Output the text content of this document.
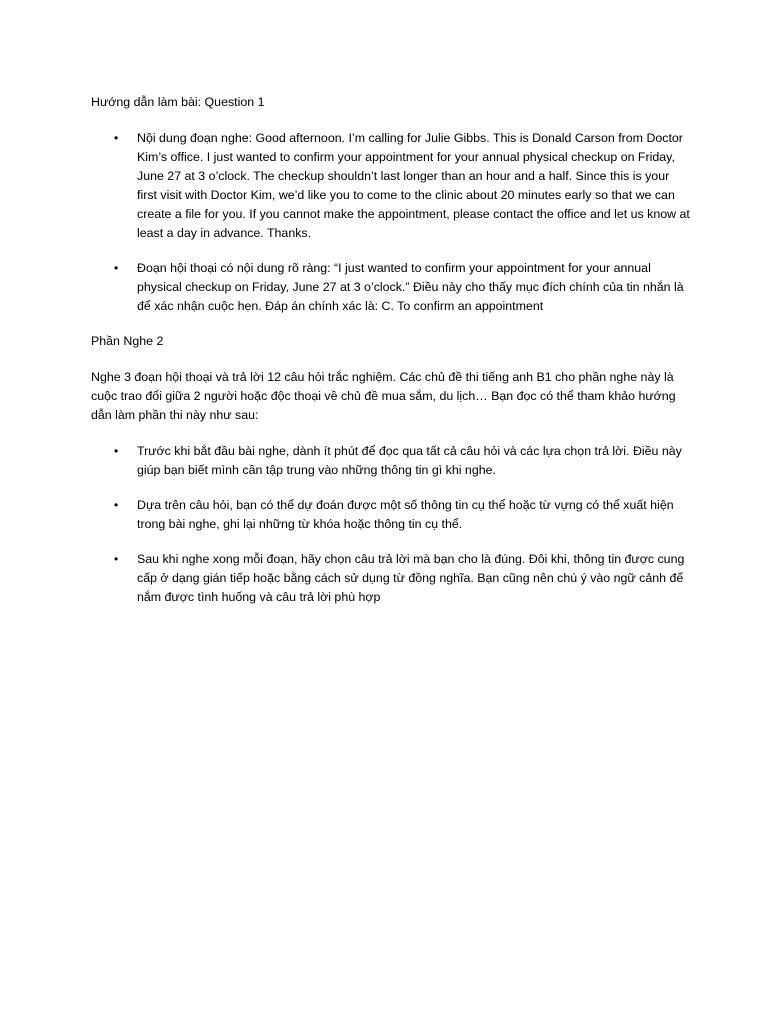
Hướng dẫn làm bài: Question 1

• Nội dung đoạn nghe: Good afternoon. I’m calling for Julie Gibbs. This is Donald Carson from Doctor Kim’s office. I just wanted to confirm your appointment for your annual physical checkup on Friday, June 27 at 3 o’clock. The checkup shouldn’t last longer than an hour and a half. Since this is your first visit with Doctor Kim, we’d like you to come to the clinic about 20 minutes early so that we can create a file for you. If you cannot make the appointment, please contact the office and let us know at least a day in advance. Thanks.
• Đoạn hội thoại có nội dung rõ ràng: “I just wanted to confirm your appointment for your annual physical checkup on Friday, June 27 at 3 o’clock.” Điều này cho thấy mục đích chính của tin nhắn là để xác nhận cuộc hẹn. Đáp án chính xác là: C. To confirm an appointment

Phần Nghe 2

Nghe 3 đoạn hội thoại và trả lời 12 câu hỏi trắc nghiệm. Các chủ đề thi tiếng anh B1 cho phần nghe này là cuộc trao đổi giữa 2 người hoặc độc thoại về chủ đề mua sắm, du lịch… Bạn đọc có thể tham khảo hướng dẫn làm phần thi này như sau:

• Trước khi bắt đầu bài nghe, dành ít phút để đọc qua tất cả câu hỏi và các lựa chọn trả lời. Điều này giúp bạn biết mình cần tập trung vào những thông tin gì khi nghe.
• Dựa trên câu hỏi, bạn có thể dự đoán được một số thông tin cụ thể hoặc từ vựng có thể xuất hiện trong bài nghe, ghi lại những từ khóa hoặc thông tin cụ thể.
• Sau khi nghe xong mỗi đoạn, hãy chọn câu trả lời mà bạn cho là đúng. Đôi khi, thông tin được cung cấp ở dạng gián tiếp hoặc bằng cách sử dụng từ đồng nghĩa. Bạn cũng nên chú ý vào ngữ cảnh để nắm được tình huống và câu trả lời phù hợp
